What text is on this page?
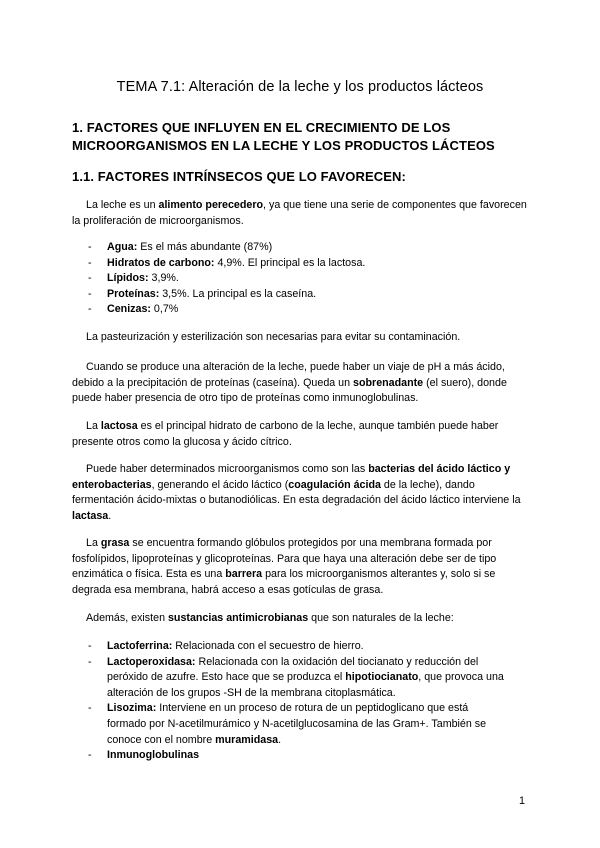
TEMA 7.1: Alteración de la leche y los productos lácteos
1. FACTORES QUE INFLUYEN EN EL CRECIMIENTO DE LOS MICROORGANISMOS EN LA LECHE Y LOS PRODUCTOS LÁCTEOS
1.1. FACTORES INTRÍNSECOS QUE LO FAVORECEN:

La leche es un alimento perecedero, ya que tiene una serie de componentes que favorecen la proliferación de microorganismos.

- Agua: Es el más abundante (87%)
- Hidratos de carbono: 4,9%. El principal es la lactosa.
- Lípidos: 3,9%.
- Proteínas: 3,5%. La principal es la caseína.
- Cenizas: 0,7%

La pasteurización y esterilización son necesarias para evitar su contaminación.

Cuando se produce una alteración de la leche, puede haber un viaje de pH a más ácido, debido a la precipitación de proteínas (caseína). Queda un sobrenadante (el suero), donde puede haber presencia de otro tipo de proteínas como inmunoglobulinas.

La lactosa es el principal hidrato de carbono de la leche, aunque también puede haber presente otros como la glucosa y ácido cítrico.

Puede haber determinados microorganismos como son las bacterias del ácido láctico y enterobacterias, generando el ácido láctico (coagulación ácida de la leche), dando fermentación ácido-mixtas o butanodiólicas. En esta degradación del ácido láctico interviene la lactasa.

La grasa se encuentra formando glóbulos protegidos por una membrana formada por fosfolípidos, lipoproteínas y glicoproteínas. Para que haya una alteración debe ser de tipo enzimática o física. Esta es una barrera para los microorganismos alterantes y, solo si se degrada esa membrana, habrá acceso a esas gotículas de grasa.

Además, existen sustancias antimicrobianas que son naturales de la leche:

- Lactoferrina: Relacionada con el secuestro de hierro.
- Lactoperoxidasa: Relacionada con la oxidación del tiocianato y reducción del peróxido de azufre. Esto hace que se produzca el hipotiocianato, que provoca una alteración de los grupos -SH de la membrana citoplasmática.
- Lisozima: Interviene en un proceso de rotura de un peptidoglicano que está formado por N-acetilmurámico y N-acetilglucosamina de las Gram+. También se conoce con el nombre muramidasa.
- Inmunoglobulinas
1
